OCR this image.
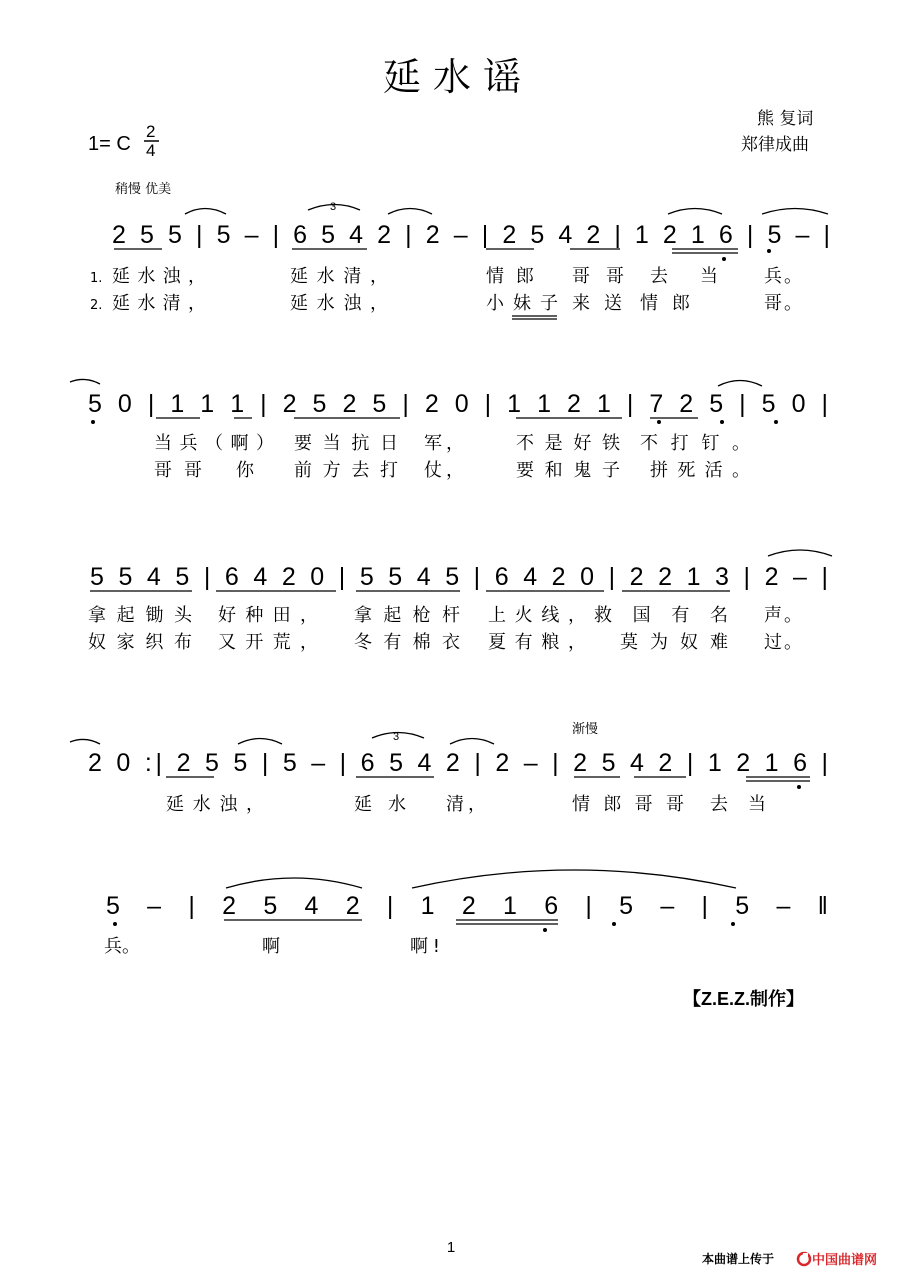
延 水 谣
1= C
2
4
熊 复词
郑律成曲
稍慢 优美
渐慢
2 5 5 | 5 – | 6 5 4 2 | 2 – | 2 5 4 2 | 1 2 1 6 | 5 – |
3
1. 延水浊，	延水清，	情郎 哥哥 去当	兵。
2. 延水清，	延水浊，	小妹子 来送 情郎	哥。
5 0 | 1 1 1 | 2 5 2 5 | 2 0 | 1 1 2 1 | 7 2 5 | 5 0 |
当兵（啊） 要当抗日 军，	不是好铁 不打钉。
哥哥 你 前方去打 仗，	要和鬼子 拼死活。
5 5 4 5 | 6 4 2 0 | 5 5 4 5 | 6 4 2 0 | 2 2 1 3 | 2 – |
拿起锄头 好种田， 拿起枪杆 上火线， 救国有名 声。
奴家织布 又开荒， 冬有棉衣 夏有粮， 莫为奴难 过。
2 0 :| 2 5 5 | 5 – | 6 5 4 2 | 2 – | 2 5 4 2 | 1 2 1 6 |
3
延水浊，	延水 清，	情郎哥哥 去当
5 – | 2 5 4 2 | 1 2 1 6 | 5 – | 5 – ‖
兵。	啊	啊!
【Z.E.Z.制作】
1
本曲谱上传于	中国曲谱网
